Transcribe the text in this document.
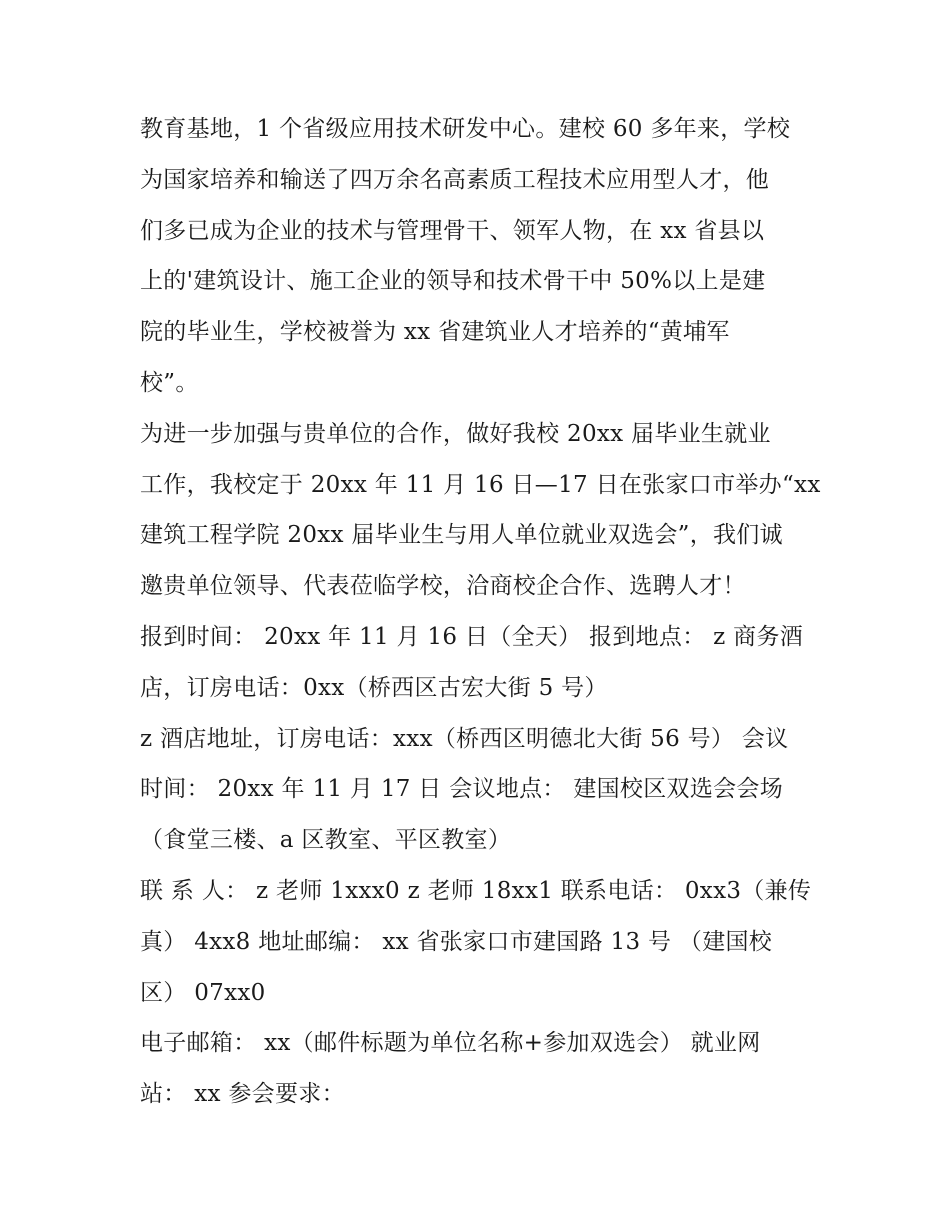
教育基地，1 个省级应用技术研发中心。建校 60 多年来，学校
为国家培养和输送了四万余名高素质工程技术应用型人才，他
们多已成为企业的技术与管理骨干、领军人物，在 xx 省县以
上的'建筑设计、施工企业的领导和技术骨干中 50%以上是建
院的毕业生，学校被誉为 xx 省建筑业人才培养的“黄埔军
校”。
为进一步加强与贵单位的合作，做好我校 20xx 届毕业生就业
工作，我校定于 20xx 年 11 月 16 日—17 日在张家口市举办“xx
建筑工程学院 20xx 届毕业生与用人单位就业双选会”，我们诚
邀贵单位领导、代表莅临学校，洽商校企合作、选聘人才！
报到时间： 20xx 年 11 月 16 日（全天） 报到地点： z 商务酒
店，订房电话：0xx（桥西区古宏大街 5 号）
z 酒店地址，订房电话：xxx（桥西区明德北大街 56 号） 会议
时间： 20xx 年 11 月 17 日 会议地点： 建国校区双选会会场
（食堂三楼、a 区教室、平区教室）
联 系 人： z 老师 1xxx0 z 老师 18xx1 联系电话： 0xx3（兼传
真） 4xx8 地址邮编： xx 省张家口市建国路 13 号 （建国校
区） 07xx0
电子邮箱： xx（邮件标题为单位名称+参加双选会） 就业网
站： xx 参会要求：
